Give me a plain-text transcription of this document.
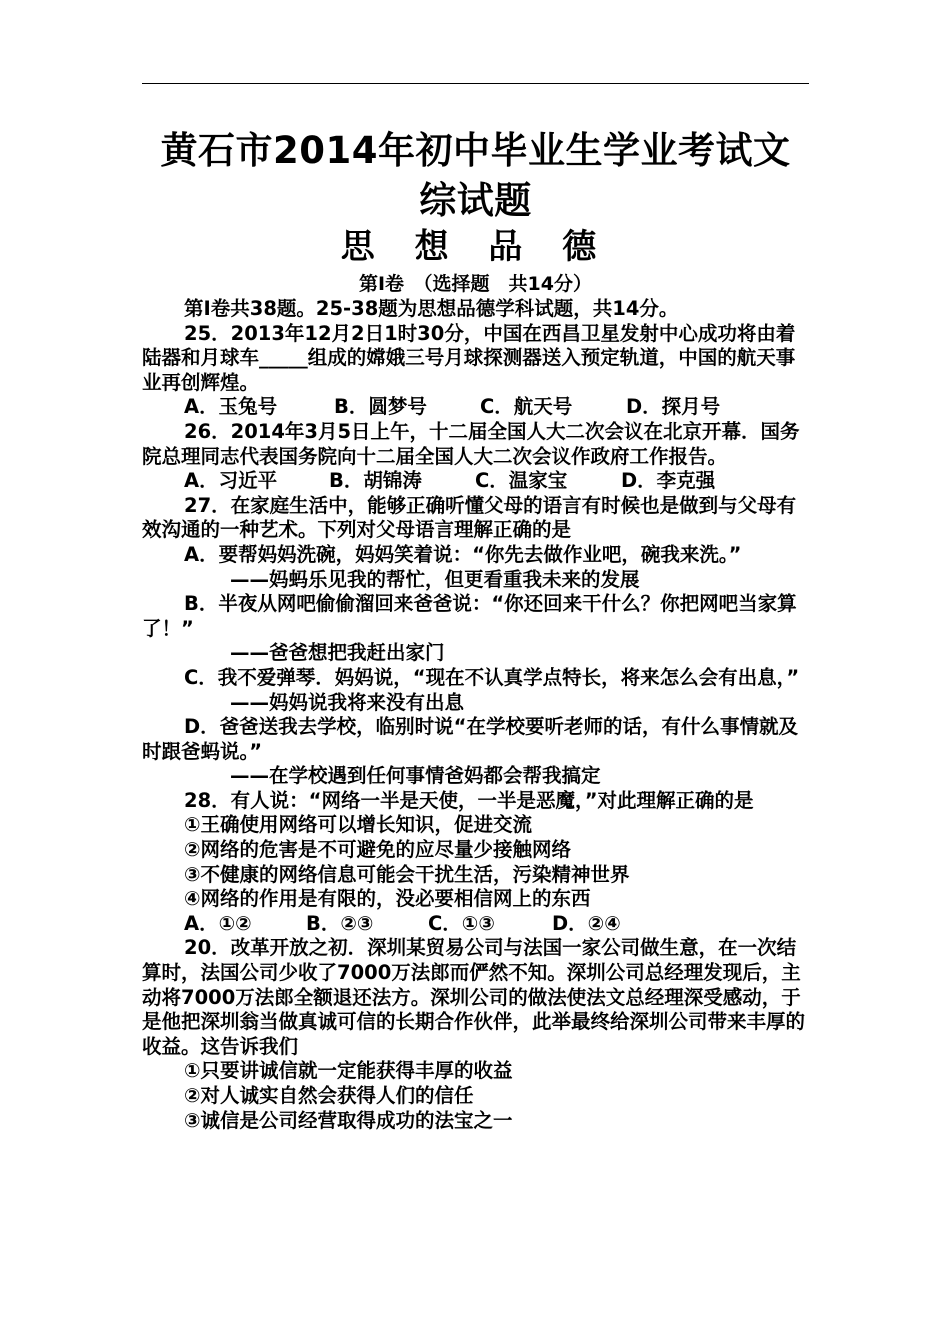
黄石市2014年初中毕业生学业考试文综试题
思 想 品 德
第Ⅰ卷　（选择题　共14分）

第Ⅰ卷共38题。25-38题为思想品德学科试题，共14分。

25．2013年12月2日1时30分，中国在西昌卫星发射中心成功将由着陆器和月球车_____组成的嫦娥三号月球探测器送入预定轨道，中国的航天事业再创辉煌。

A．玉兔号	B．圆梦号	C．航天号	D．探月号

26．2014年3月5日上午，十二届全国人大二次会议在北京开幕．国务院总理同志代表国务院向十二届全国人大二次会议作政府工作报告。

A．习近平	B．胡锦涛	C．温家宝	D．李克强

27．在家庭生活中，能够正确听懂父母的语言有时候也是做到与父母有效沟通的一种艺术。下列对父母语言理解正确的是

A．要帮妈妈洗碗，妈妈笑着说：“你先去做作业吧，碗我来洗。”

——妈蚂乐见我的帮忙，但更看重我未来的发展

B．半夜从网吧偷偷溜回来爸爸说：“你还回来干什么？你把网吧当家算了！”

——爸爸想把我赶出家门

C．我不爱弹琴．妈妈说，“现在不认真学点特长，将来怎么会有出息，”

——妈妈说我将来没有出息

D．爸爸送我去学校，临别时说“在学校要听老师的话，有什么事情就及时跟爸蚂说。”

——在学校遇到任何事情爸妈都会帮我搞定

28．有人说：“网络一半是天使，一半是恶魔，”对此理解正确的是

①王确使用网络可以增长知识，促进交流

②网络的危害是不可避免的应尽量少接触网络

③不健康的网络信息可能会干扰生活，污染精神世界

④网络的作用是有限的，没必要相信网上的东西

A．①②	B．②③	C．①③	D．②④

20．改革开放之初．深圳某贸易公司与法国一家公司做生意，在一次结算时，法国公司少收了7000万法郎而俨然不知。深圳公司总经理发现后，主动将7000万法郎全额退还法方。深圳公司的做法使法文总经理深受感动，于是他把深圳翁当做真诚可信的长期合作伙伴，此举最终给深圳公司带来丰厚的收益。这告诉我们

①只要讲诚信就一定能获得丰厚的收益

②对人诚实自然会获得人们的信任

③诚信是公司经营取得成功的法宝之一
